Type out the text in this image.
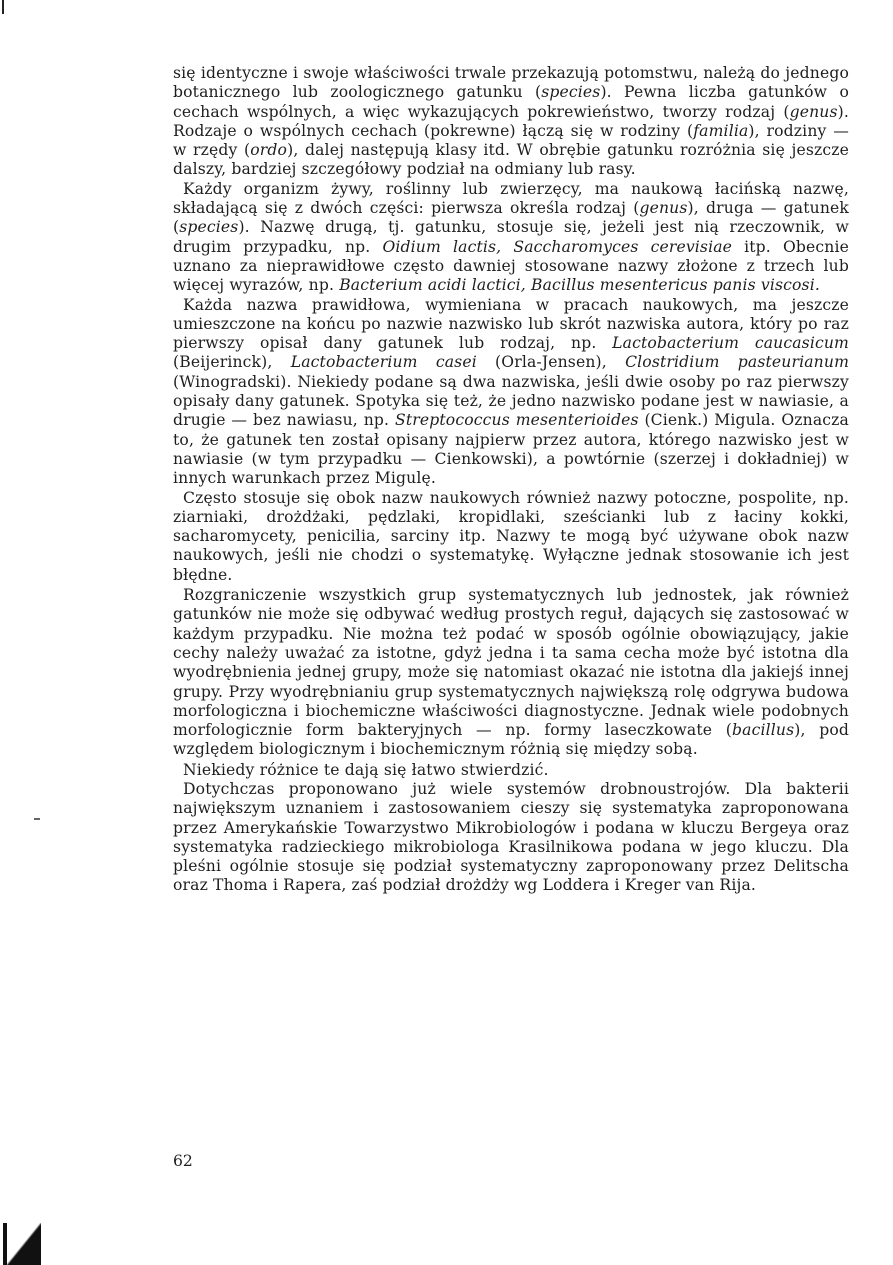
się identyczne i swoje właściwości trwale przekazują potomstwu, należą do jednego botanicznego lub zoologicznego gatunku (species). Pewna liczba gatunków o cechach wspólnych, a więc wykazujących pokrewieństwo, tworzy rodzaj (genus). Rodzaje o wspólnych cechach (pokrewne) łączą się w rodziny (familia), rodziny — w rzędy (ordo), dalej następują klasy itd. W obrębie gatunku rozróżnia się jeszcze dalszy, bardziej szczegółowy podział na odmiany lub rasy.

Każdy organizm żywy, roślinny lub zwierzęcy, ma naukową łacińską nazwę, składającą się z dwóch części: pierwsza określa rodzaj (genus), druga — gatunek (species). Nazwę drugą, tj. gatunku, stosuje się, jeżeli jest nią rzeczownik, w drugim przypadku, np. Oidium lactis, Saccharomyces cerevisiae itp. Obecnie uznano za nieprawidłowe często dawniej stosowane nazwy złożone z trzech lub więcej wyrazów, np. Bacterium acidi lactici, Bacillus mesentericus panis viscosi.

Każda nazwa prawidłowa, wymieniana w pracach naukowych, ma jeszcze umieszczone na końcu po nazwie nazwisko lub skrót nazwiska autora, który po raz pierwszy opisał dany gatunek lub rodzaj, np. Lactobacterium caucasicum (Beijerinck), Lactobacterium casei (Orla-Jensen), Clostridium pasteurianum (Winogradski). Niekiedy podane są dwa nazwiska, jeśli dwie osoby po raz pierwszy opisały dany gatunek. Spotyka się też, że jedno nazwisko podane jest w nawiasie, a drugie — bez nawiasu, np. Streptococcus mesenterioides (Cienk.) Migula. Oznacza to, że gatunek ten został opisany najpierw przez autora, którego nazwisko jest w nawiasie (w tym przypadku — Cienkowski), a powtórnie (szerzej i dokładniej) w innych warunkach przez Migulę.

Często stosuje się obok nazw naukowych również nazwy potoczne, pospolite, np. ziarniaki, drożdżaki, pędzlaki, kropidlaki, sześcianki lub z łaciny kokki, sacharomycety, penicilia, sarciny itp. Nazwy te mogą być używane obok nazw naukowych, jeśli nie chodzi o systematykę. Wyłączne jednak stosowanie ich jest błędne.

Rozgraniczenie wszystkich grup systematycznych lub jednostek, jak również gatunków nie może się odbywać według prostych reguł, dających się zastosować w każdym przypadku. Nie można też podać w sposób ogólnie obowiązujący, jakie cechy należy uważać za istotne, gdyż jedna i ta sama cecha może być istotna dla wyodrębnienia jednej grupy, może się natomiast okazać nie istotna dla jakiejś innej grupy. Przy wyodrębnianiu grup systematycznych największą rolę odgrywa budowa morfologiczna i biochemiczne właściwości diagnostyczne. Jednak wiele podobnych morfologicznie form bakteryjnych — np. formy laseczkowate (bacillus), pod względem biologicznym i biochemicznym różnią się między sobą.

Niekiedy różnice te dają się łatwo stwierdzić.

Dotychczas proponowano już wiele systemów drobnoustrojów. Dla bakterii największym uznaniem i zastosowaniem cieszy się systematyka zaproponowana przez Amerykańskie Towarzystwo Mikrobiologów i podana w kluczu Bergeya oraz systematyka radzieckiego mikrobiologa Krasilnikowa podana w jego kluczu. Dla pleśni ogólnie stosuje się podział systematyczny zaproponowany przez Delitscha oraz Thoma i Rapera, zaś podział drożdży wg Loddera i Kreger van Rija.

62
